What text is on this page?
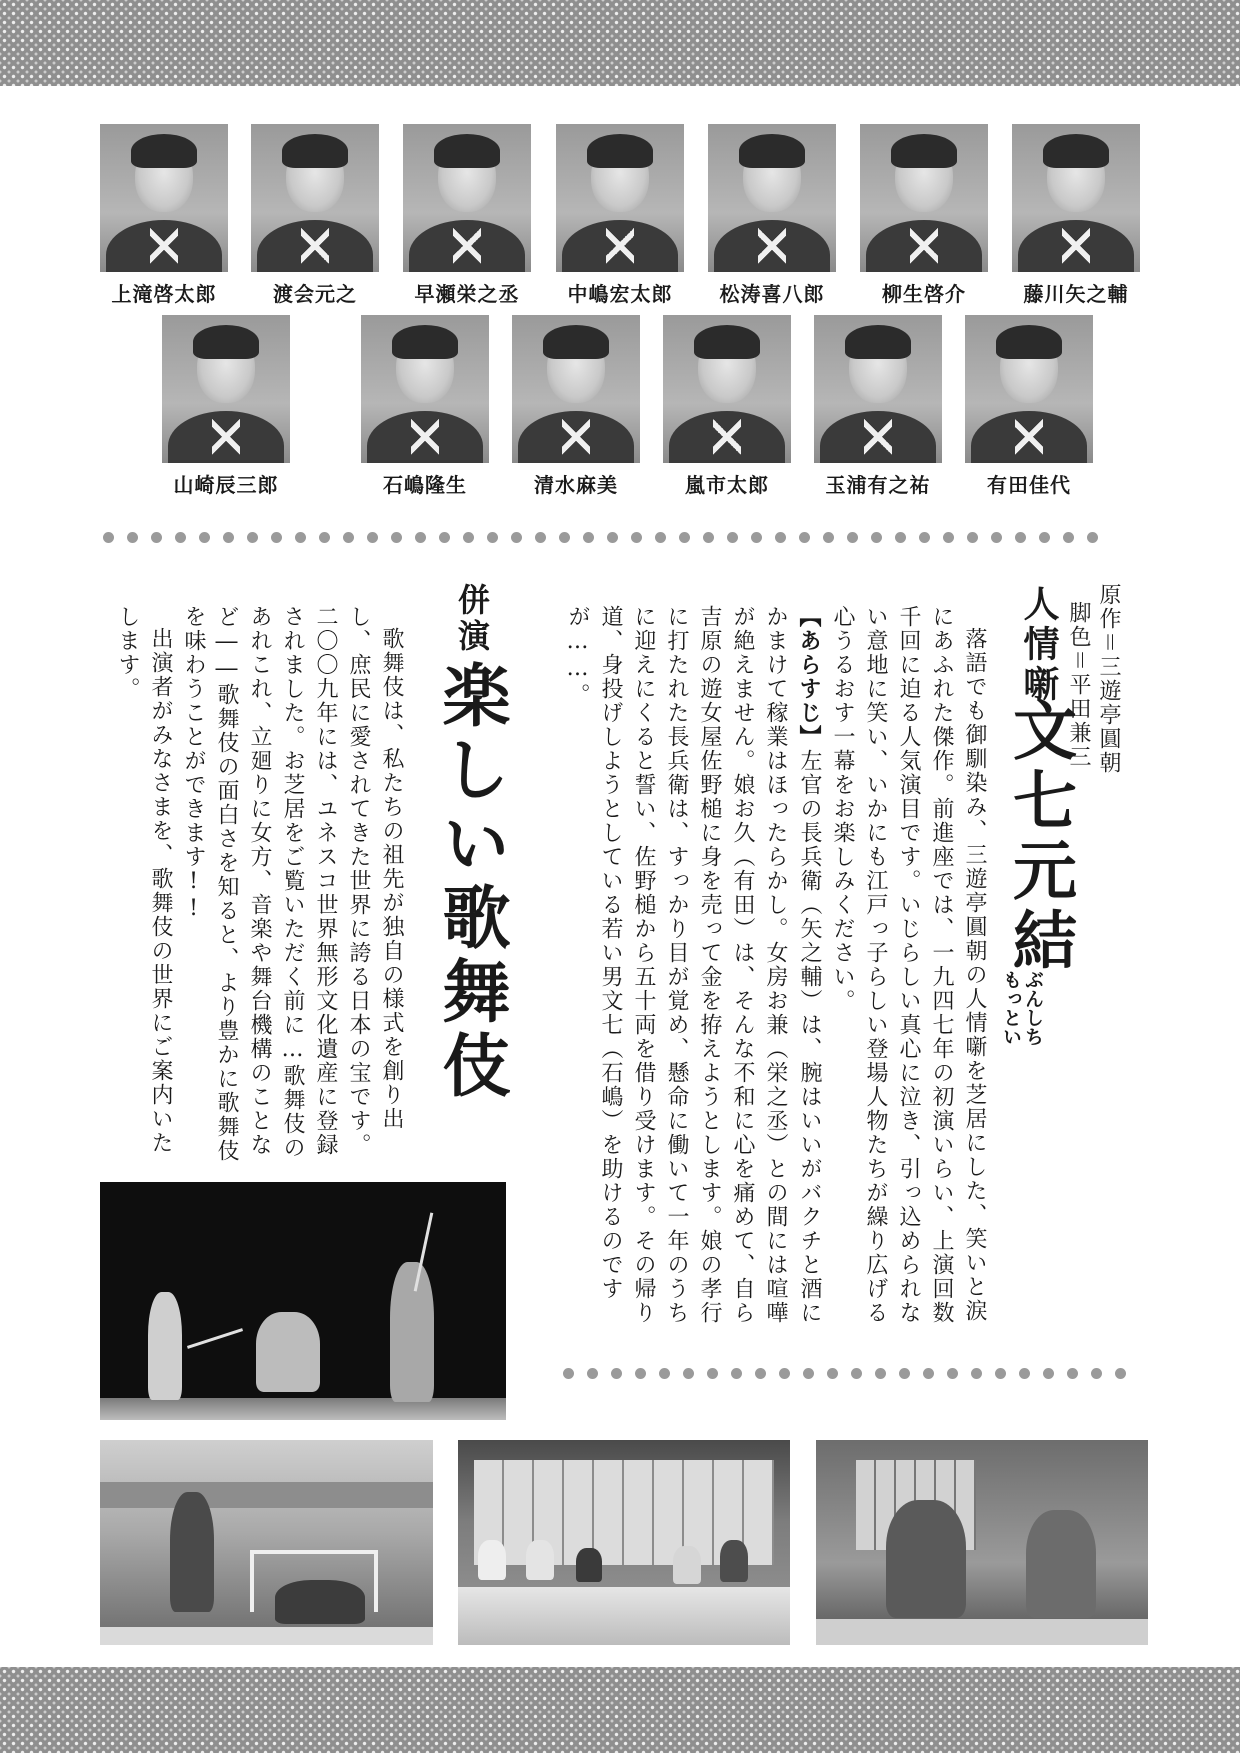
上滝啓太郎	渡会元之	早瀬栄之丞	中嶋宏太郎	松涛喜八郎	柳生啓介	藤川矢之輔
山崎辰三郎	石嶋隆生	清水麻美	嵐市太郎	玉浦有之祐	有田佳代
原作＝三遊亭圓朝
脚色＝平田兼三
人情噺
文七元結
ぶんしち
もっとい
落語でも御馴染み、三遊亭圓朝の人情噺を芝居にした、笑いと涙にあふれた傑作。前進座では、一九四七年の初演いらい、上演回数千回に迫る人気演目です。いじらしい真心に泣き、引っ込められない意地に笑い、いかにも江戸っ子らしい登場人物たちが繰り広げる心うるおす一幕をお楽しみください。
【あらすじ】左官の長兵衛（矢之輔）は、腕はいいがバクチと酒にかまけて稼業はほったらかし。女房お兼（栄之丞）との間には喧嘩が絶えません。娘お久（有田）は、そんな不和に心を痛めて、自ら吉原の遊女屋佐野槌に身を売って金を拵えようとします。娘の孝行に打たれた長兵衛は、すっかり目が覚め、懸命に働いて一年のうちに迎えにくると誓い、佐野槌から五十両を借り受けます。その帰り道、身投げしようとしている若い男文七（石嶋）を助けるのですが……。
併演
楽しい歌舞伎
歌舞伎は、私たちの祖先が独自の様式を創り出し、庶民に愛されてきた世界に誇る日本の宝です。二〇〇九年には、ユネスコ世界無形文化遺産に登録されました。お芝居をご覧いただく前に…歌舞伎のあれこれ、立廻りに女方、音楽や舞台機構のことなど――歌舞伎の面白さを知ると、より豊かに歌舞伎を味わうことができます!!
出演者がみなさまを、歌舞伎の世界にご案内いたします。
